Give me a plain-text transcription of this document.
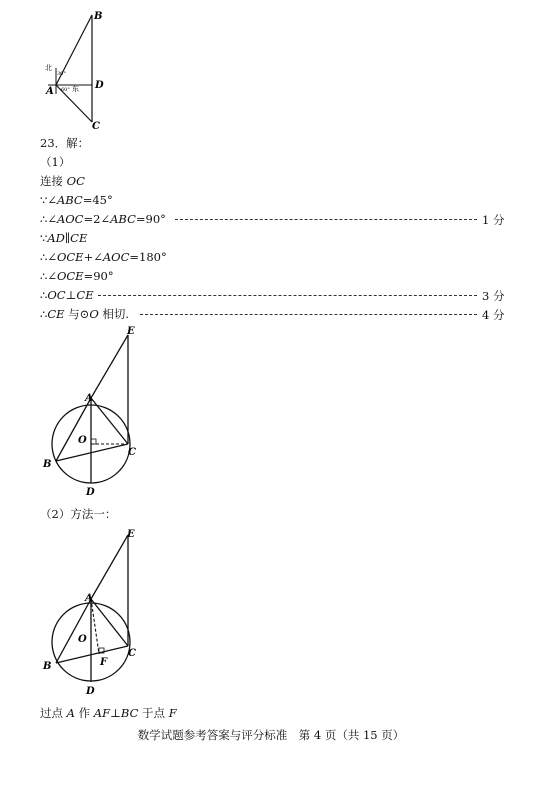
B
D
C
A
北
东
30°
60°
23．解：
（1）
连接 OC
∵∠ABC=45°
∴∠AOC=2∠ABC=90°	1 分
∵AD∥CE
∴∠OCE+∠AOC=180°
∴∠OCE=90°
∴OC⊥CE	3 分
∴CE 与⊙O 相切.	4 分
E
A
O
B
C
D
（2）方法一：
E
A
O
B
C
F
D
过点 A 作 AF⊥BC 于点 F
数学试题参考答案与评分标准　第 4 页（共 15 页）
